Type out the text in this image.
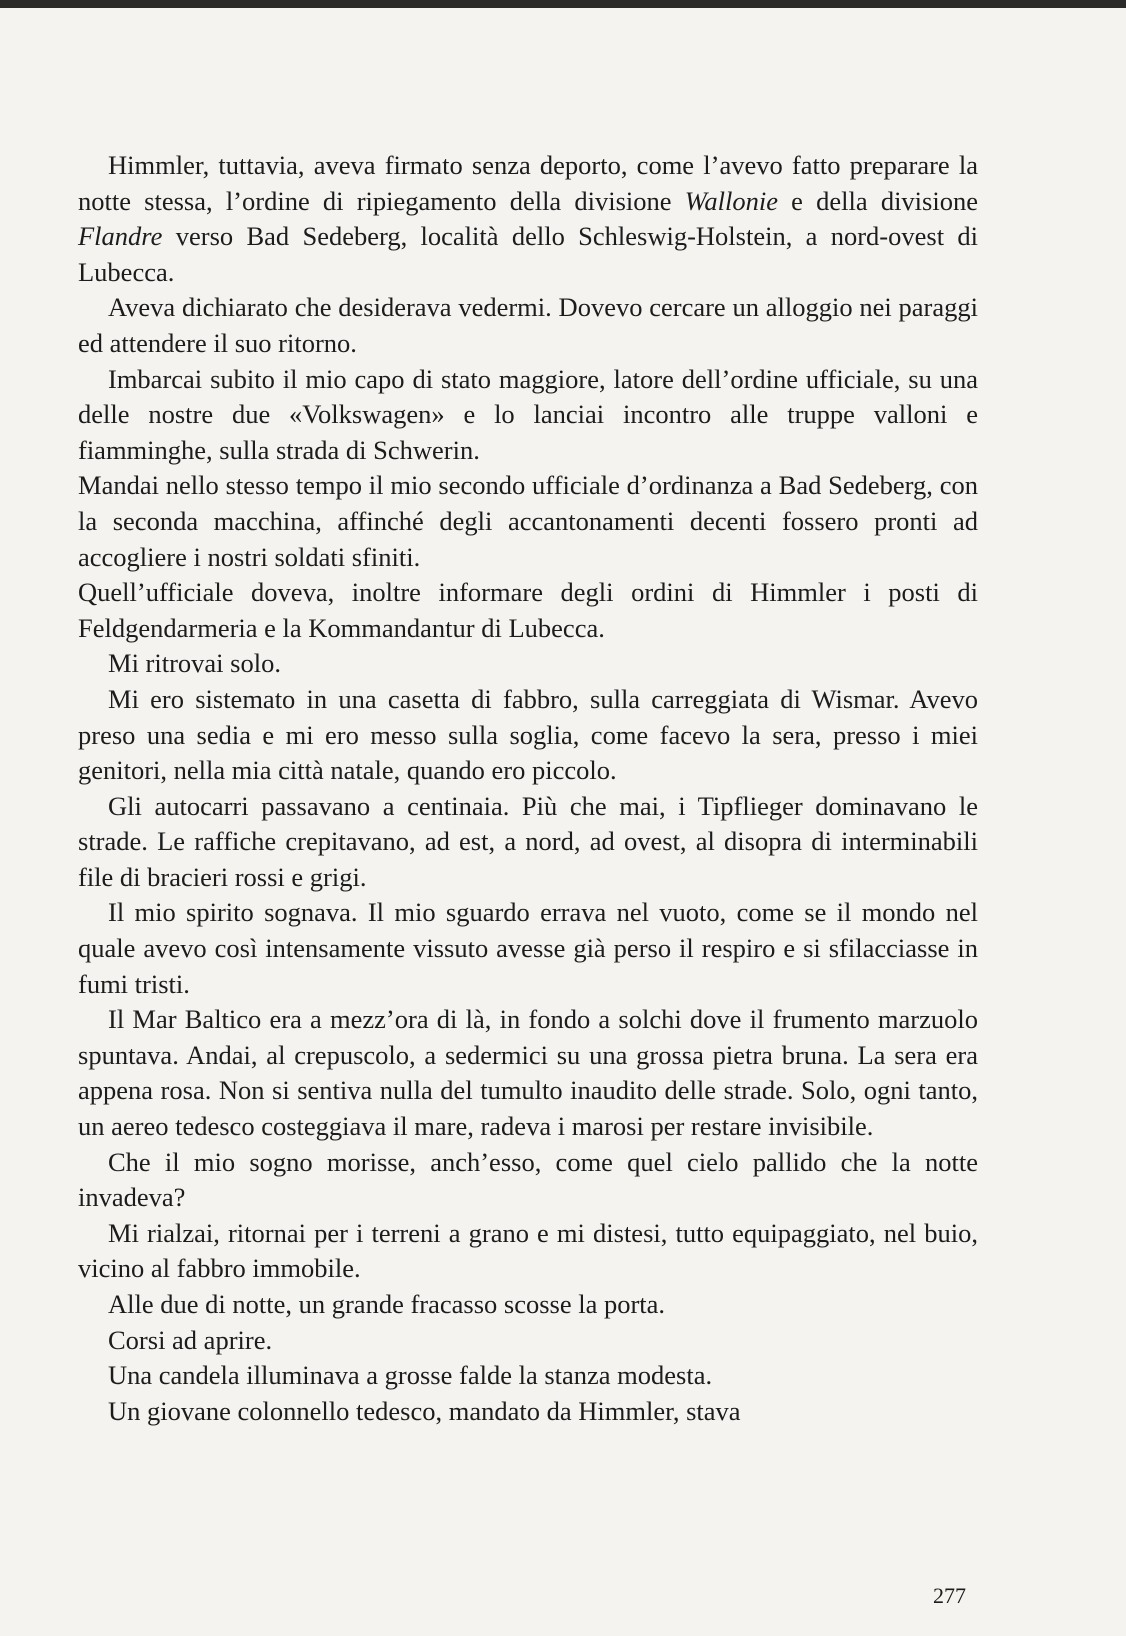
Himmler, tuttavia, aveva firmato senza deporto, come l’avevo fatto preparare la notte stessa, l’ordine di ripiegamento della divisione Wallonie e della divisione Flandre verso Bad Sedeberg, località dello Schleswig-Holstein, a nord-ovest di Lubecca.

Aveva dichiarato che desiderava vedermi. Dovevo cercare un alloggio nei paraggi ed attendere il suo ritorno.

Imbarcai subito il mio capo di stato maggiore, latore dell’ordine ufficiale, su una delle nostre due «Volkswagen» e lo lanciai incontro alle truppe valloni e fiamminghe, sulla strada di Schwerin.

Mandai nello stesso tempo il mio secondo ufficiale d’ordinanza a Bad Sedeberg, con la seconda macchina, affinché degli accantonamenti decenti fossero pronti ad accogliere i nostri soldati sfiniti.

Quell’ufficiale doveva, inoltre informare degli ordini di Himmler i posti di Feldgendarmeria e la Kommandantur di Lubecca.

Mi ritrovai solo.

Mi ero sistemato in una casetta di fabbro, sulla carreggiata di Wismar. Avevo preso una sedia e mi ero messo sulla soglia, come facevo la sera, presso i miei genitori, nella mia città natale, quando ero piccolo.

Gli autocarri passavano a centinaia. Più che mai, i Tipflieger dominavano le strade. Le raffiche crepitavano, ad est, a nord, ad ovest, al disopra di interminabili file di bracieri rossi e grigi.

Il mio spirito sognava. Il mio sguardo errava nel vuoto, come se il mondo nel quale avevo così intensamente vissuto avesse già perso il respiro e si sfilacciasse in fumi tristi.

Il Mar Baltico era a mezz’ora di là, in fondo a solchi dove il frumento marzuolo spuntava. Andai, al crepuscolo, a sedermici su una grossa pietra bruna. La sera era appena rosa. Non si sentiva nulla del tumulto inaudito delle strade. Solo, ogni tanto, un aereo tedesco costeggiava il mare, radeva i marosi per restare invisibile.

Che il mio sogno morisse, anch’esso, come quel cielo pallido che la notte invadeva?

Mi rialzai, ritornai per i terreni a grano e mi distesi, tutto equipaggiato, nel buio, vicino al fabbro immobile.

Alle due di notte, un grande fracasso scosse la porta.

Corsi ad aprire.

Una candela illuminava a grosse falde la stanza modesta.

Un giovane colonnello tedesco, mandato da Himmler, stava

277
